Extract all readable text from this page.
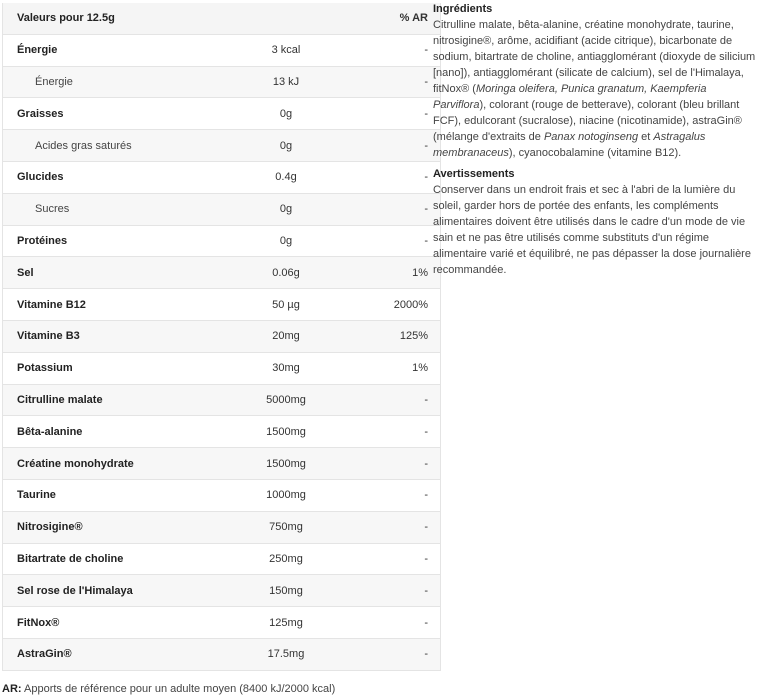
Valeurs pour 12.5g		% AR
Énergie	3 kcal	-
Énergie	13 kJ	-
Graisses	0g	-
Acides gras saturés	0g	-
Glucides	0.4g	-
Sucres	0g	-
Protéines	0g	-
Sel	0.06g	1%
Vitamine B12	50 µg	2000%
Vitamine B3	20mg	125%
Potassium	30mg	1%
Citrulline malate	5000mg	-
Bêta-alanine	1500mg	-
Créatine monohydrate	1500mg	-
Taurine	1000mg	-
Nitrosigine®	750mg	-
Bitartrate de choline	250mg	-
Sel rose de l'Himalaya	150mg	-
FitNox®	125mg	-
AstraGin®	17.5mg	-
AR: Apports de référence pour un adulte moyen (8400 kJ/2000 kcal)
Ingrédients

Citrulline malate, bêta-alanine, créatine monohydrate, taurine, nitrosigine®, arôme, acidifiant (acide citrique), bicarbonate de sodium, bitartrate de choline, antiagglomérant (dioxyde de silicium [nano]), antiagglomérant (silicate de calcium), sel de l'Himalaya, fitNox® (Moringa oleifera, Punica granatum, Kaempferia Parviflora), colorant (rouge de betterave), colorant (bleu brillant FCF), edulcorant (sucralose), niacine (nicotinamide), astraGin® (mélange d'extraits de Panax notoginseng et Astragalus membranaceus), cyanocobalamine (vitamine B12).

Avertissements

Conserver dans un endroit frais et sec à l'abri de la lumière du soleil, garder hors de portée des enfants, les compléments alimentaires doivent être utilisés dans le cadre d'un mode de vie sain et ne pas être utilisés comme substituts d'un régime alimentaire varié et équilibré, ne pas dépasser la dose journalière recommandée.
